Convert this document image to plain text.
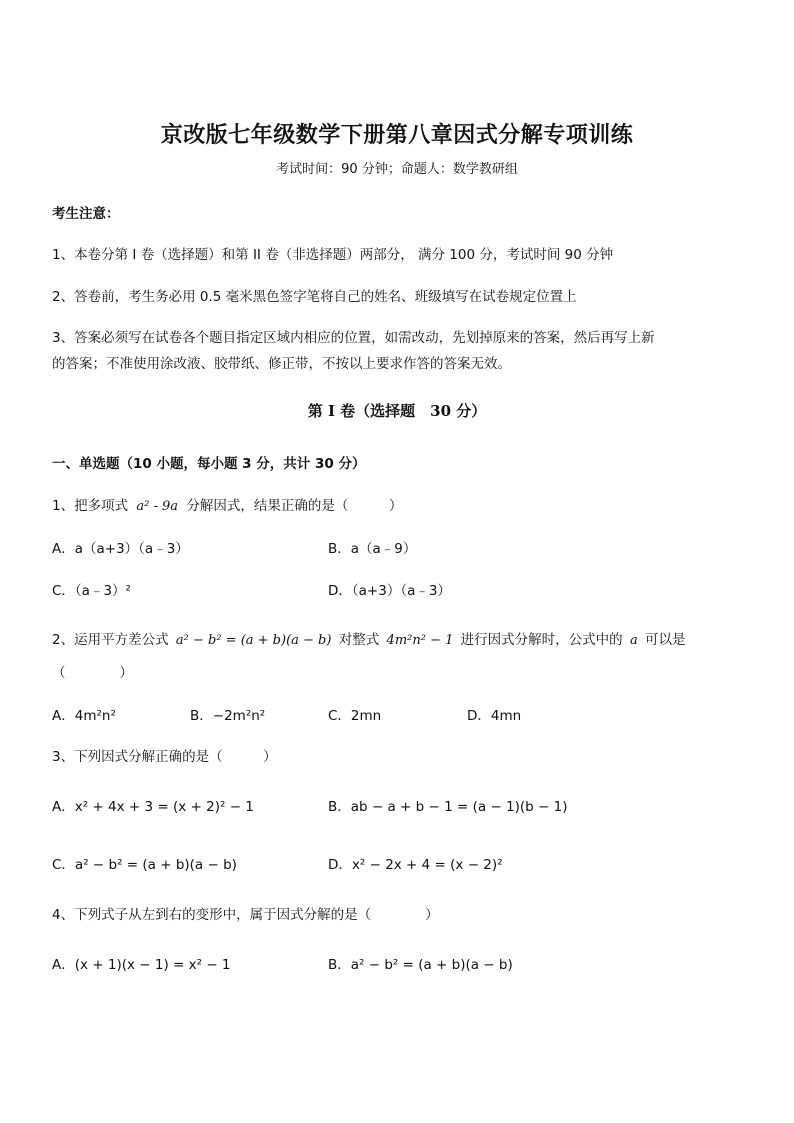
京改版七年级数学下册第八章因式分解专项训练
考试时间：90 分钟；命题人：数学教研组
考生注意：
1、本卷分第 I 卷（选择题）和第 II 卷（非选择题）两部分， 满分 100 分，考试时间 90 分钟
2、答卷前，考生务必用 0.5 毫米黑色签字笔将自己的姓名、班级填写在试卷规定位置上
3、答案必须写在试卷各个题目指定区域内相应的位置，如需改动，先划掉原来的答案，然后再写上新
的答案；不准使用涂改液、胶带纸、修正带，不按以上要求作答的答案无效。
第 I 卷（选择题　30 分）
一、单选题（10 小题，每小题 3 分，共计 30 分）
1、把多项式 a² - 9a 分解因式，结果正确的是（　　　）
A．a（a+3）（a﹣3）	B．a（a﹣9）
C．（a﹣3）²	D．（a+3）（a﹣3）
2、运用平方差公式 a² − b² = (a + b)(a − b) 对整式 4m²n² − 1 进行因式分解时，公式中的 a 可以是
（　　　　）
A．4m²n²	B．−2m²n²	C．2mn	D．4mn
3、下列因式分解正确的是（　　　）
A．x² + 4x + 3 = (x + 2)² − 1	B．ab − a + b − 1 = (a − 1)(b − 1)
C．a² − b² = (a + b)(a − b)	D．x² − 2x + 4 = (x − 2)²
4、下列式子从左到右的变形中，属于因式分解的是（　　　　）
A．(x + 1)(x − 1) = x² − 1	B．a² − b² = (a + b)(a − b)
